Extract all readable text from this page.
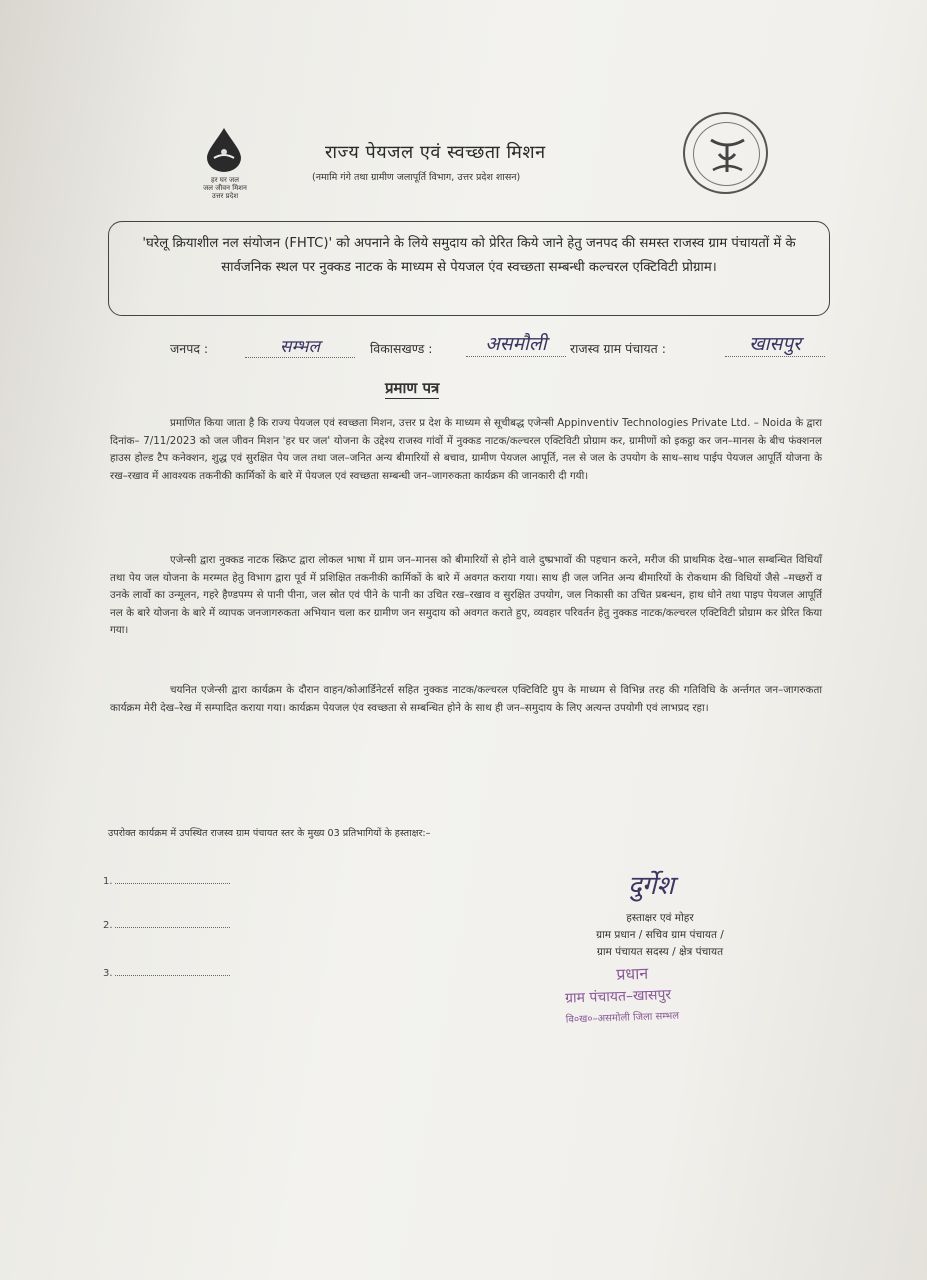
हर घर जल
जल जीवन मिशन
उत्तर प्रदेश
राज्य पेयजल एवं स्वच्छता मिशन
(नमामि गंगे तथा ग्रामीण जलापूर्ति विभाग, उत्तर प्रदेश शासन)
'घरेलू क्रियाशील नल संयोजन (FHTC)' को अपनाने के लिये समुदाय को प्रेरित किये जाने हेतु जनपद की समस्त राजस्व ग्राम पंचायतों में के सार्वजनिक स्थल पर नुक्कड नाटक के माध्यम से पेयजल एंव स्वच्छता सम्बन्धी कल्चरल एक्टिविटी प्रोग्राम।
जनपद :	सम्भल	विकासखण्ड :	असमौली	राजस्व ग्राम पंचायत :	खासपुर
प्रमाण पत्र
प्रमाणित किया जाता है कि राज्य पेयजल एवं स्वच्छता मिशन, उत्तर प्र देश के माध्यम से सूचीबद्ध एजेन्सी Appinventiv Technologies Private Ltd. – Noida के द्वारा दिनांक– 7/11/2023 को जल जीवन मिशन 'हर घर जल' योजना के उद्देश्य राजस्व गांवों में नुक्कड नाटक/कल्चरल एक्टिविटी प्रोग्राम कर, ग्रामीणों को इकट्ठा कर जन–मानस के बीच फंक्शनल हाउस होल्ड टैप कनेक्शन, शुद्ध एवं सुरक्षित पेय जल तथा जल–जनित अन्य बीमारियों से बचाव, ग्रामीण पेयजल आपूर्ति, नल से जल के उपयोग के साथ–साथ पाईप पेयजल आपूर्ति योजना के रख–रखाव में आवश्यक तकनीकी कार्मिकों के बारे में पेयजल एवं स्वच्छता सम्बन्धी जन–जागरुकता कार्यक्रम की जानकारी दी गयी।
एजेन्सी द्वारा नुक्कड नाटक स्क्रिप्ट द्वारा लोकल भाषा में ग्राम जन–मानस को बीमारियों से होने वाले दुष्प्रभावों की पहचान करने, मरीज की प्राथमिक देख–भाल सम्बन्धित विधियाँ तथा पेय जल योजना के मरम्मत हेतु विभाग द्वारा पूर्व में प्रशिक्षित तकनीकी कार्मिकों के बारे में अवगत कराया गया। साथ ही जल जनित अन्य बीमारियों के रोकथाम की विधियों जैसे –मच्छरों व उनके लार्वो का उन्मूलन, गहरे हैण्डपम्प से पानी पीना, जल स्रोत एवं पीने के पानी का उचित रख–रखाव व सुरक्षित उपयोग, जल निकासी का उचित प्रबन्धन, हाथ धोने तथा पाइप पेयजल आपूर्ति नल के बारे योजना के बारे में व्यापक जनजागरुकता अभियान चला कर ग्रामीण जन समुदाय को अवगत कराते हुए, व्यवहार परिवर्तन हेतु नुक्कड नाटक/कल्चरल एक्टिविटी प्रोग्राम कर प्रेरित किया गया।
चयनित एजेन्सी द्वारा कार्यक्रम के दौरान वाहन/कोआर्डिनेटर्स सहित नुक्कड नाटक/कल्चरल एक्टिविटि ग्रुप के माध्यम से विभिन्न तरह की गतिविधि के अर्न्तगत जन–जागरुकता कार्यक्रम मेरी देख–रेख में सम्पादित कराया गया। कार्यक्रम पेयजल एंव स्वच्छता से सम्बन्धित होने के साथ ही जन–समुदाय के लिए अत्यन्त उपयोगी एवं लाभप्रद रहा।
उपरोक्त कार्यक्रम में उपस्थित राजस्व ग्राम पंचायत स्तर के मुख्य 03 प्रतिभागियों के हस्ताक्षर:–
1.
2.
3.
दुर्गेश
हस्ताक्षर एवं मोहर
ग्राम प्रधान / सचिव ग्राम पंचायत /
ग्राम पंचायत सदस्य / क्षेत्र पंचायत
प्रधान
ग्राम पंचायत–खासपुर
वि०ख०–असमोली जिला सम्भल
